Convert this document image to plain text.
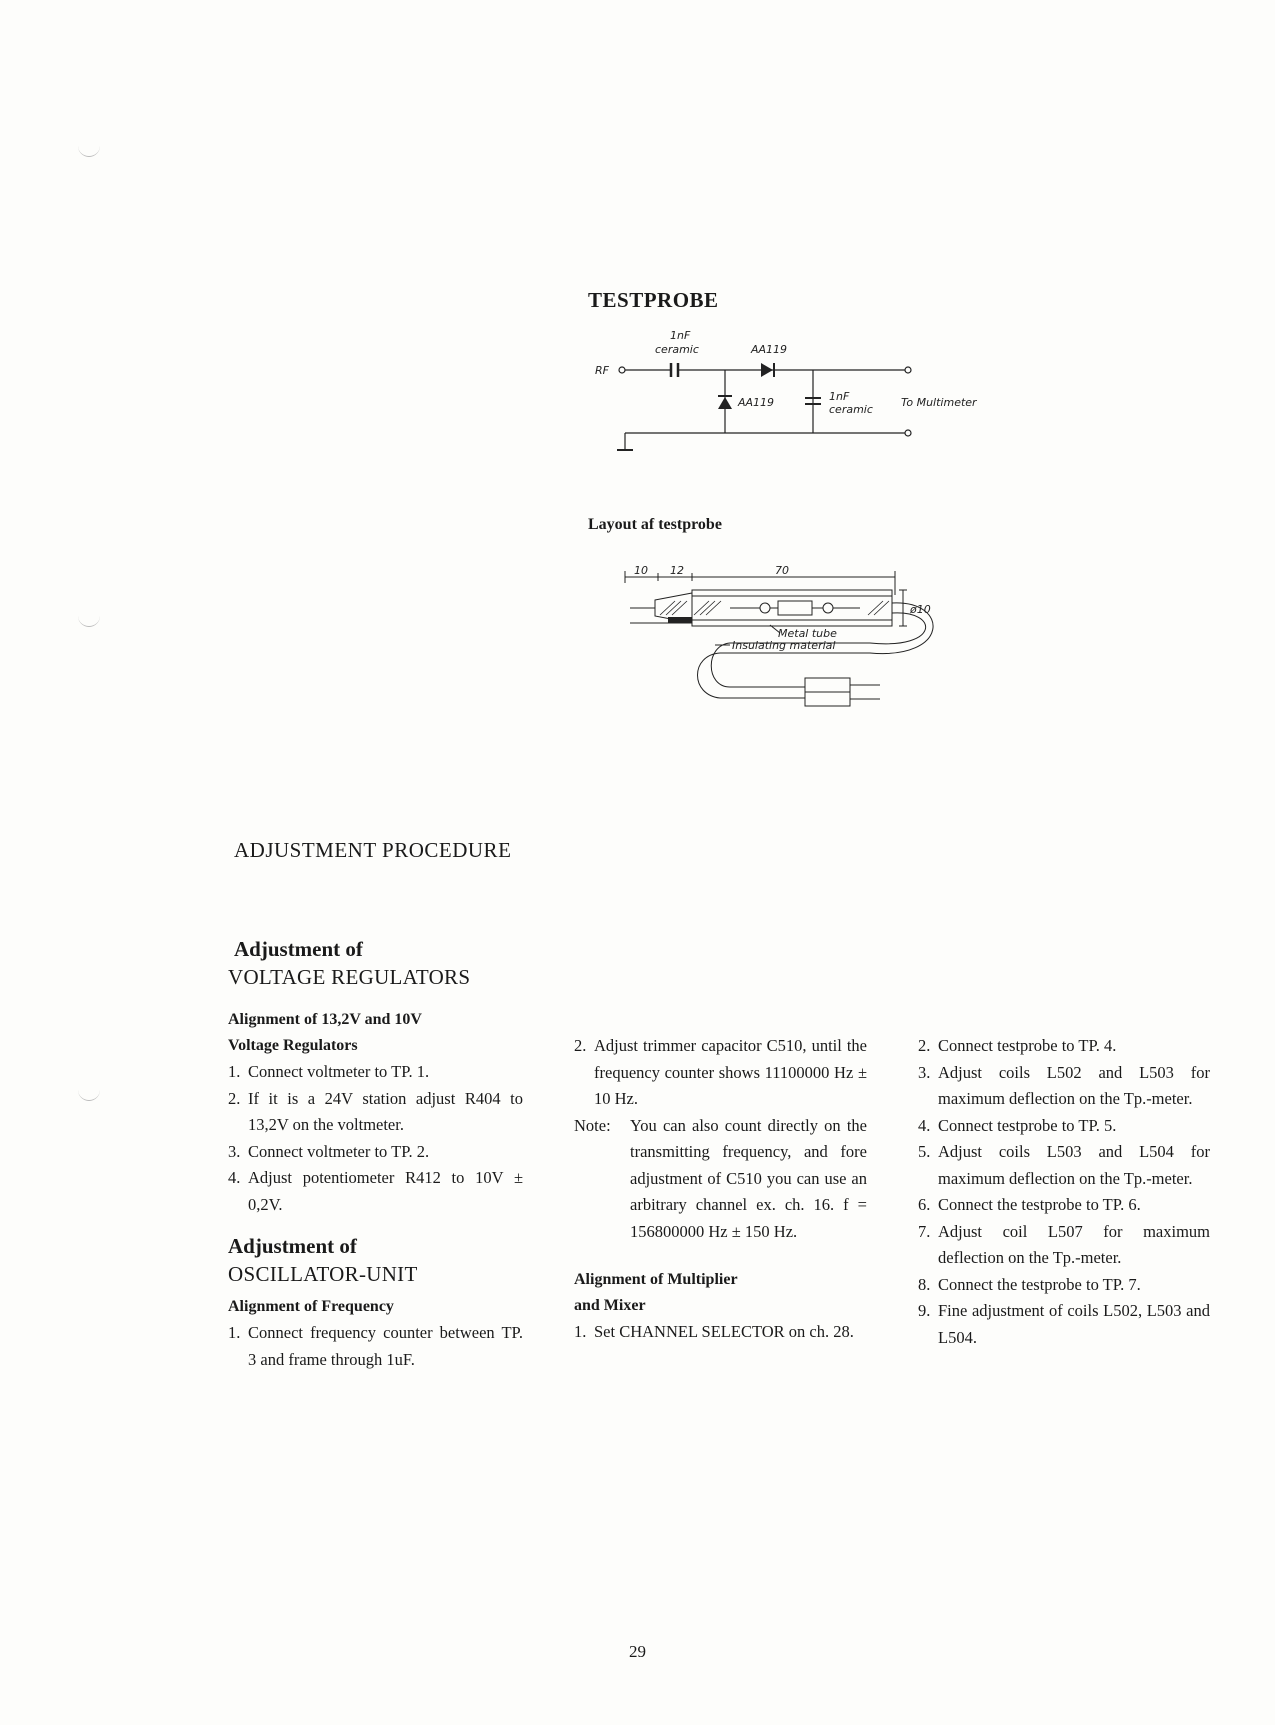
TESTPROBE
RF
1nF
ceramic	AA119
AA119	1nF
ceramic
To Multimeter
Layout af testprobe
10 12	70
ø10
Metal tube
Insulating material
ADJUSTMENT PROCEDURE
Adjustment of
VOLTAGE REGULATORS
Alignment of 13,2V and 10V
Voltage Regulators
1. Connect voltmeter to TP. 1.
2. If it is a 24V station adjust R404 to 13,2V on the voltmeter.
3. Connect voltmeter to TP. 2.
4. Adjust potentiometer R412 to 10V ± 0,2V.
Adjustment of
OSCILLATOR-UNIT
Alignment of Frequency
1. Connect frequency counter between TP. 3 and frame through 1uF.
2. Adjust trimmer capacitor C510, until the frequency counter shows 11100000 Hz ± 10 Hz.
Note:	You can also count directly on the transmitting frequency, and fore adjustment of C510 you can use an arbitrary channel ex. ch. 16. f = 156800000 Hz ± 150 Hz.
Alignment of Multiplier
and Mixer
1. Set CHANNEL SELECTOR on ch. 28.
2. Connect testprobe to TP. 4.
3. Adjust coils L502 and L503 for maximum deflection on the Tp.-meter.
4. Connect testprobe to TP. 5.
5. Adjust coils L503 and L504 for maximum deflection on the Tp.-meter.
6. Connect the testprobe to TP. 6.
7. Adjust coil L507 for maximum deflection on the Tp.-meter.
8. Connect the testprobe to TP. 7.
9. Fine adjustment of coils L502, L503 and L504.
29
